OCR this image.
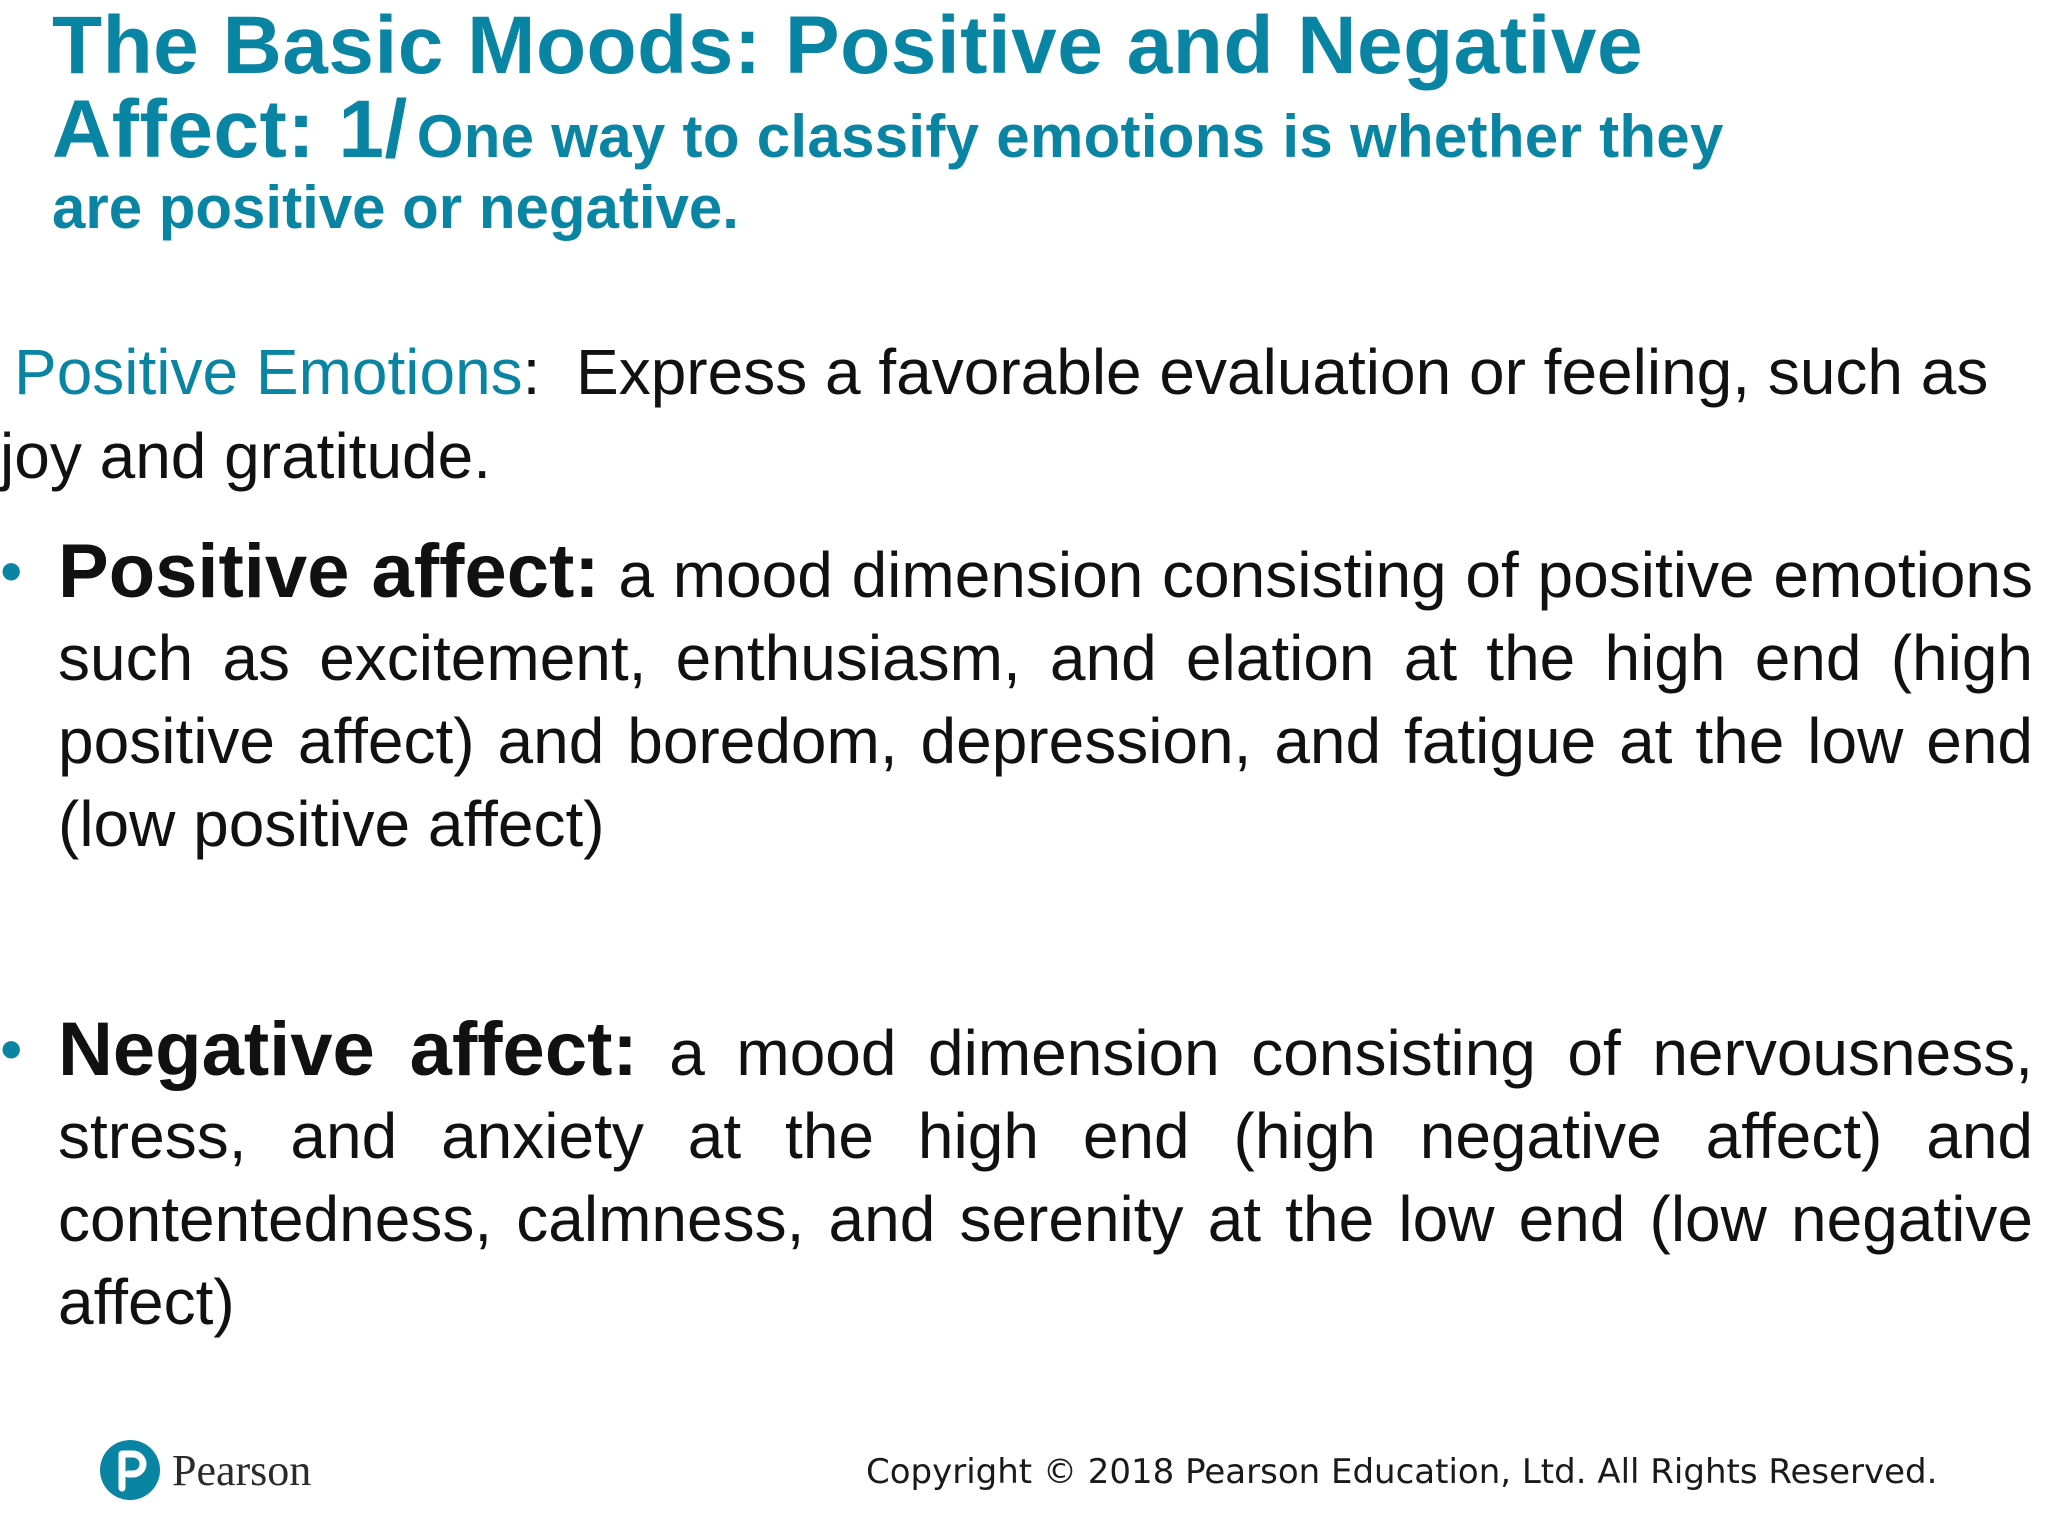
The Basic Moods: Positive and Negative
Affect: 1/ One way to classify emotions is whether they
are positive or negative.
Positive Emotions: Express a favorable evaluation or feeling, such as joy and gratitude.
• Positive affect: a mood dimension consisting of positive emotions such as excitement, enthusiasm, and elation at the high end (high positive affect) and boredom, depression, and fatigue at the low end (low positive affect)
• Negative affect: a mood dimension consisting of nervousness, stress, and anxiety at the high end (high negative affect) and contentedness, calmness, and serenity at the low end (low negative affect)
Pearson	Copyright © 2018 Pearson Education, Ltd. All Rights Reserved.
